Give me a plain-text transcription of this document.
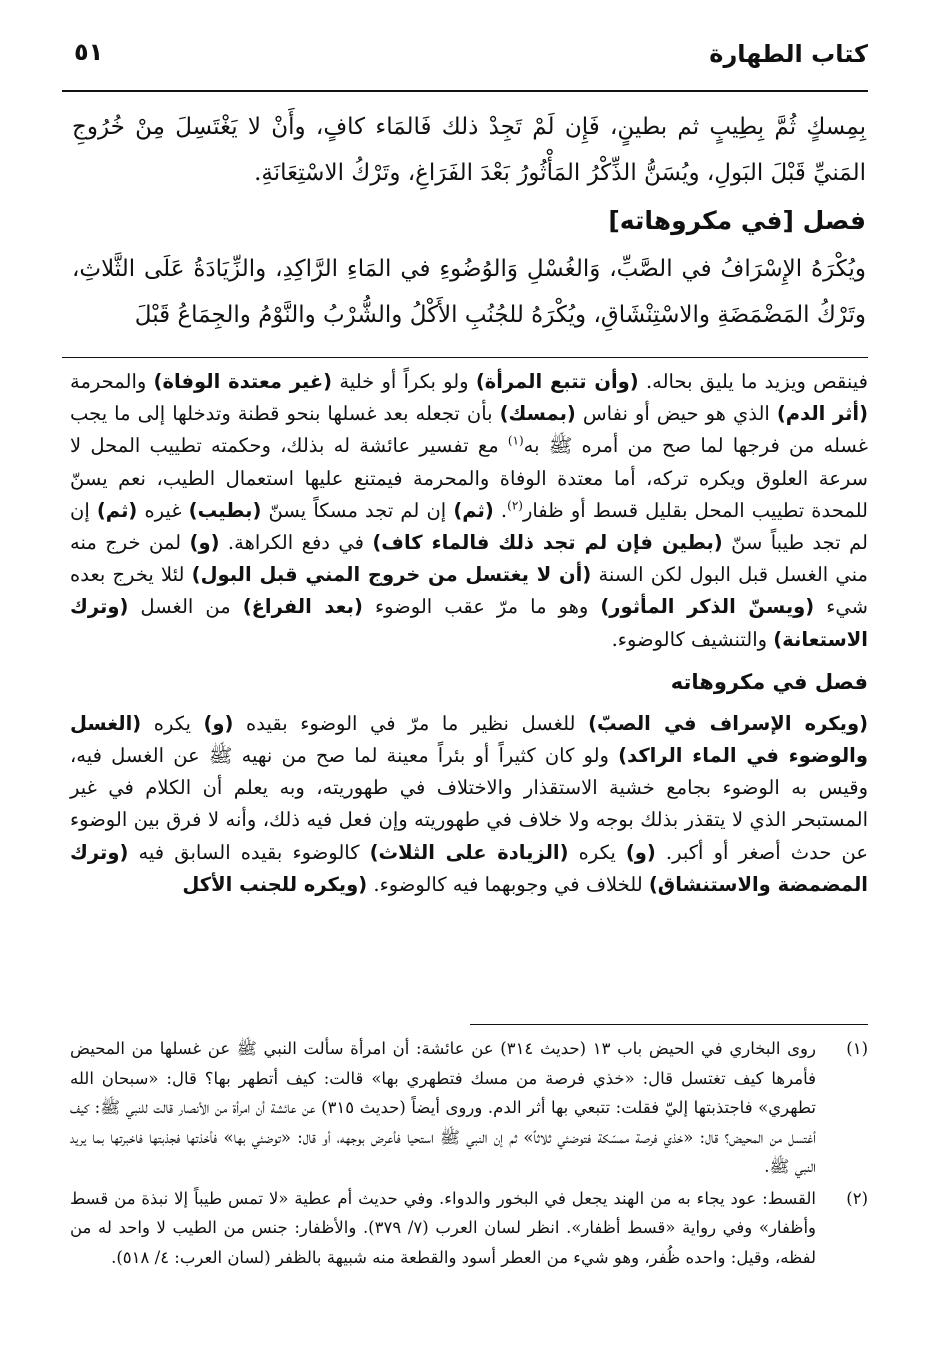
كتاب الطهارة
٥١

بِمِسكٍ ثُمَّ بِطِيبٍ ثم بطينٍ، فَإِن لَمْ تَجِدْ ذلك فَالمَاء كافٍ، وأَنْ لا يَغْتَسِلَ مِنْ خُرُوجِ المَنيِّ قَبْلَ البَولِ، ويُسَنُّ الذِّكْرُ المَأْثُورُ بَعْدَ الفَرَاغِ، وتَرْكُ الاسْتِعَانَةِ.

فصل [في مكروهاته]

ويُكْرَهُ الإِسْرَافُ في الصَّبِّ، وَالغُسْلِ وَالوُضُوءِ في المَاءِ الرَّاكِدِ، والزِّيَادَةُ عَلَى الثَّلاثِ، وتَرْكُ المَضْمَضَةِ والاسْتِنْشَاقِ، ويُكْرَهُ للجُنُبِ الأَكْلُ والشُّرْبُ والنَّوْمُ والجِمَاعُ قَبْلَ

فينقص ويزيد ما يليق بحاله. (وأن تتبع المرأة) ولو بكراً أو خلية (غير معتدة الوفاة) والمحرمة (أثر الدم) الذي هو حيض أو نفاس (بمسك) بأن تجعله بعد غسلها بنحو قطنة وتدخلها إلى ما يجب غسله من فرجها لما صح من أمره ﷺ به$^{(١)}$ مع تفسير عائشة له بذلك، وحكمته تطييب المحل لا سرعة العلوق ويكره تركه، أما معتدة الوفاة والمحرمة فيمتنع عليها استعمال الطيب، نعم يسنّ للمحدة تطييب المحل بقليل قسط أو ظفار$^{(٢)}$. (ثم) إن لم تجد مسكاً يسنّ (بطيب) غيره (ثم) إن لم تجد طيباً سنّ (بطين فإن لم تجد ذلك فالماء كاف) في دفع الكراهة. (و) لمن خرج منه مني الغسل قبل البول لكن السنة (أن لا يغتسل من خروج المني قبل البول) لئلا يخرج بعده شيء (ويسنّ الذكر المأثور) وهو ما مرّ عقب الوضوء (بعد الفراغ) من الغسل (وترك الاستعانة) والتنشيف كالوضوء.

فصل في مكروهاته

(ويكره الإسراف في الصبّ) للغسل نظير ما مرّ في الوضوء بقيده (و) يكره (الغسل والوضوء في الماء الراكد) ولو كان كثيراً أو بئراً معينة لما صح من نهيه ﷺ عن الغسل فيه، وقيس به الوضوء بجامع خشية الاستقذار والاختلاف في طهوريته، وبه يعلم أن الكلام في غير المستبحر الذي لا يتقذر بذلك بوجه ولا خلاف في طهوريته وإن فعل فيه ذلك، وأنه لا فرق بين الوضوء عن حدث أصغر أو أكبر. (و) يكره (الزيادة على الثلاث) كالوضوء بقيده السابق فيه (وترك المضمضة والاستنشاق) للخلاف في وجوبهما فيه كالوضوء. (ويكره للجنب الأكل

(١)
روى البخاري في الحيض باب ١٣ (حديث ٣١٤) عن عائشة: أن امرأة سألت النبي ﷺ عن غسلها من المحيض فأمرها كيف تغتسل قال: «خذي فرصة من مسك فتطهري بها» قالت: كيف أتطهر بها؟ قال: «سبحان الله تطهري» فاجتذبتها إليّ فقلت: تتبعي بها أثر الدم. وروى أيضاً (حديث ٣١٥) عن عائشة أن امرأة من الأنصار قالت للنبي ﷺ: كيف أغتسل من المحيض؟ قال: «خذي فرصة ممسّكة فتوضئي ثلاثاً» ثم إن النبي ﷺ استحيا فأعرض بوجهه، أو قال: «توضئي بها» فأخذتها فجذبتها فاخبرتها بما يريد النبي ﷺ.
(٢)
القسط: عود يجاء به من الهند يجعل في البخور والدواء. وفي حديث أم عطية «لا تمس طيباً إلا نبذة من قسط وأظفار» وفي رواية «قسط أظفار». انظر لسان العرب (٧/ ٣٧٩). والأظفار: جنس من الطيب لا واحد له من لفظه، وقيل: واحده ظُفر، وهو شيء من العطر أسود والقطعة منه شبيهة بالظفر (لسان العرب: ٤/ ٥١٨).
